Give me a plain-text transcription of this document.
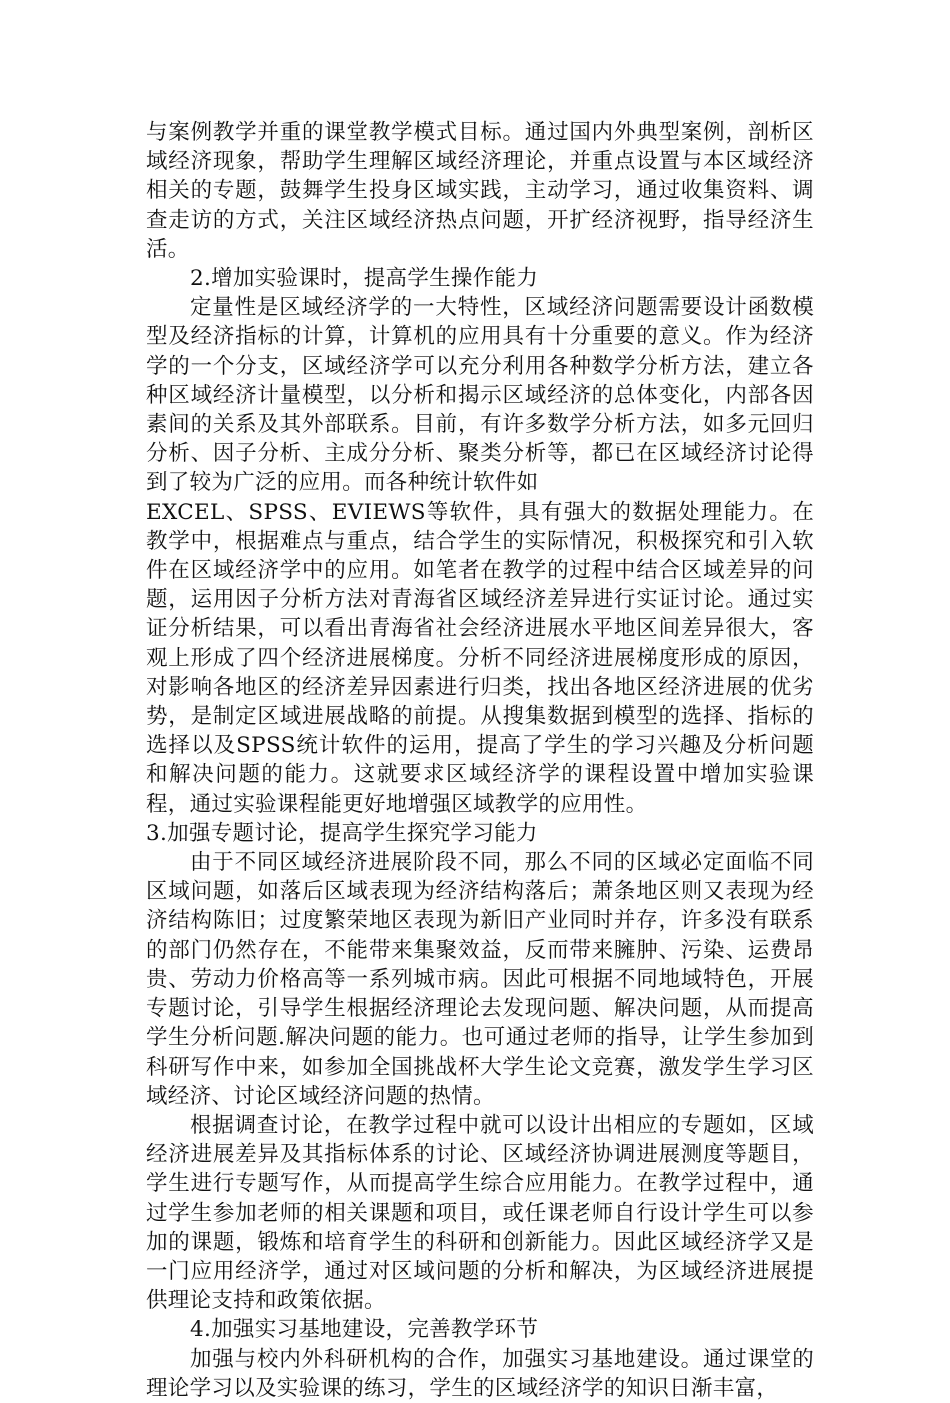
与案例教学并重的课堂教学模式目标。通过国内外典型案例，剖析区域经济现象，帮助学生理解区域经济理论，并重点设置与本区域经济相关的专题，鼓舞学生投身区域实践，主动学习，通过收集资料、调查走访的方式，关注区域经济热点问题，开扩经济视野，指导经济生活。

2.增加实验课时，提高学生操作能力

定量性是区域经济学的一大特性，区域经济问题需要设计函数模型及经济指标的计算，计算机的应用具有十分重要的意义。作为经济学的一个分支，区域经济学可以充分利用各种数学分析方法，建立各种区域经济计量模型，以分析和揭示区域经济的总体变化，内部各因素间的关系及其外部联系。目前，有许多数学分析方法，如多元回归分析、因子分析、主成分分析、聚类分析等，都已在区域经济讨论得到了较为广泛的应用。而各种统计软件如

EXCEL、SPSS、EVIEWS等软件，具有强大的数据处理能力。在教学中，根据难点与重点，结合学生的实际情况，积极探究和引入软件在区域经济学中的应用。如笔者在教学的过程中结合区域差异的问题，运用因子分析方法对青海省区域经济差异进行实证讨论。通过实证分析结果，可以看出青海省社会经济进展水平地区间差异很大，客观上形成了四个经济进展梯度。分析不同经济进展梯度形成的原因，对影响各地区的经济差异因素进行归类，找出各地区经济进展的优劣势，是制定区域进展战略的前提。从搜集数据到模型的选择、指标的选择以及SPSS统计软件的运用，提高了学生的学习兴趣及分析问题和解决问题的能力。这就要求区域经济学的课程设置中增加实验课程，通过实验课程能更好地增强区域教学的应用性。

3.加强专题讨论，提高学生探究学习能力

由于不同区域经济进展阶段不同，那么不同的区域必定面临不同区域问题，如落后区域表现为经济结构落后；萧条地区则又表现为经济结构陈旧；过度繁荣地区表现为新旧产业同时并存，许多没有联系的部门仍然存在，不能带来集聚效益，反而带来臃肿、污染、运费昂贵、劳动力价格高等一系列城市病。因此可根据不同地域特色，开展专题讨论，引导学生根据经济理论去发现问题、解决问题，从而提高学生分析问题.解决问题的能力。也可通过老师的指导，让学生参加到科研写作中来，如参加全国挑战杯大学生论文竞赛，激发学生学习区域经济、讨论区域经济问题的热情。

根据调查讨论，在教学过程中就可以设计出相应的专题如，区域经济进展差异及其指标体系的讨论、区域经济协调进展测度等题目，学生进行专题写作，从而提高学生综合应用能力。在教学过程中，通过学生参加老师的相关课题和项目，或任课老师自行设计学生可以参加的课题，锻炼和培育学生的科研和创新能力。因此区域经济学又是一门应用经济学，通过对区域问题的分析和解决，为区域经济进展提供理论支持和政策依据。

4.加强实习基地建设，完善教学环节

加强与校内外科研机构的合作，加强实习基地建设。通过课堂的理论学习以及实验课的练习，学生的区域经济学的知识日渐丰富，
